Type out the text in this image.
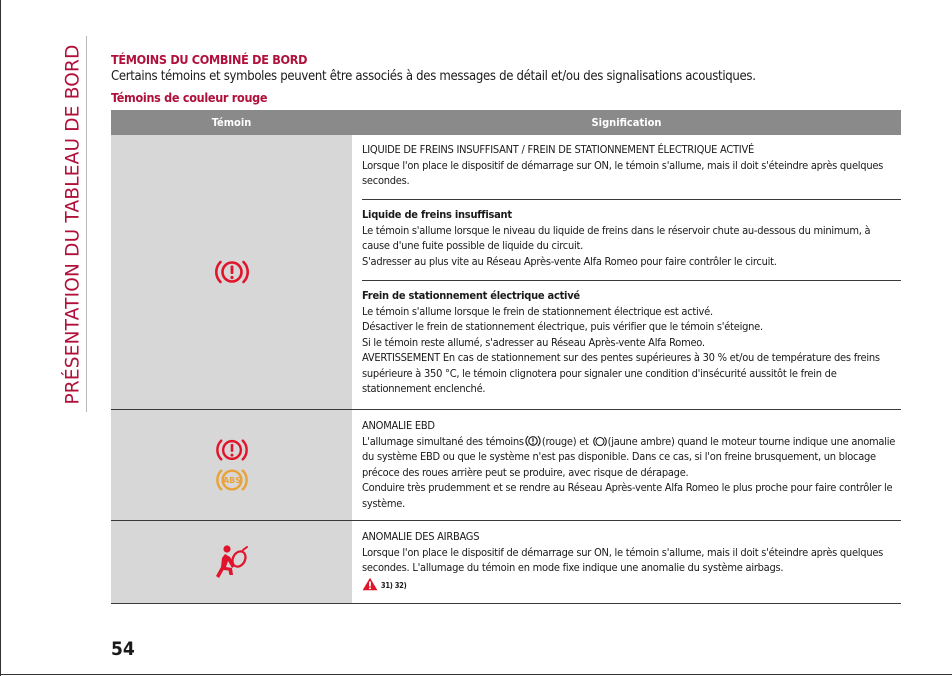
PRÉSENTATION DU TABLEAU DE BORD TÉMOINS DU COMBINÉ DE BORD
Certains témoins et symboles peuvent être associés à des messages de détail et/ou des signalisations acoustiques.
Témoins de couleur rouge
Témoin	Signification

LIQUIDE DE FREINS INSUFFISANT / FREIN DE STATIONNEMENT ÉLECTRIQUE ACTIVÉ

Lorsque l'on place le dispositif de démarrage sur ON, le témoin s'allume, mais il doit s'éteindre après quelques secondes.

Liquide de freins insuffisant

Le témoin s'allume lorsque le niveau du liquide de freins dans le réservoir chute au-dessous du minimum, à cause d'une fuite possible de liquide du circuit.

S'adresser au plus vite au Réseau Après-vente Alfa Romeo pour faire contrôler le circuit.

Frein de stationnement électrique activé

Le témoin s'allume lorsque le frein de stationnement électrique est activé.

Désactiver le frein de stationnement électrique, puis vérifier que le témoin s'éteigne.

Si le témoin reste allumé, s'adresser au Réseau Après-vente Alfa Romeo.

AVERTISSEMENT En cas de stationnement sur des pentes supérieures à 30 % et/ou de température des freins supérieure à 350 °C, le témoin clignotera pour signaler une condition d'insécurité aussitôt le frein de stationnement enclenché.

ABS

ANOMALIE EBD

L'allumage simultané des témoins (rouge) et (jaune ambre) quand le moteur tourne indique une anomalie du système EBD ou que le système n'est pas disponible. Dans ce cas, si l'on freine brusquement, un blocage précoce des roues arrière peut se produire, avec risque de dérapage.

Conduire très prudemment et se rendre au Réseau Après-vente Alfa Romeo le plus proche pour faire contrôler le système.

ANOMALIE DES AIRBAGS

Lorsque l'on place le dispositif de démarrage sur ON, le témoin s'allume, mais il doit s'éteindre après quelques secondes. L'allumage du témoin en mode fixe indique une anomalie du système airbags.

31) 32)

54
